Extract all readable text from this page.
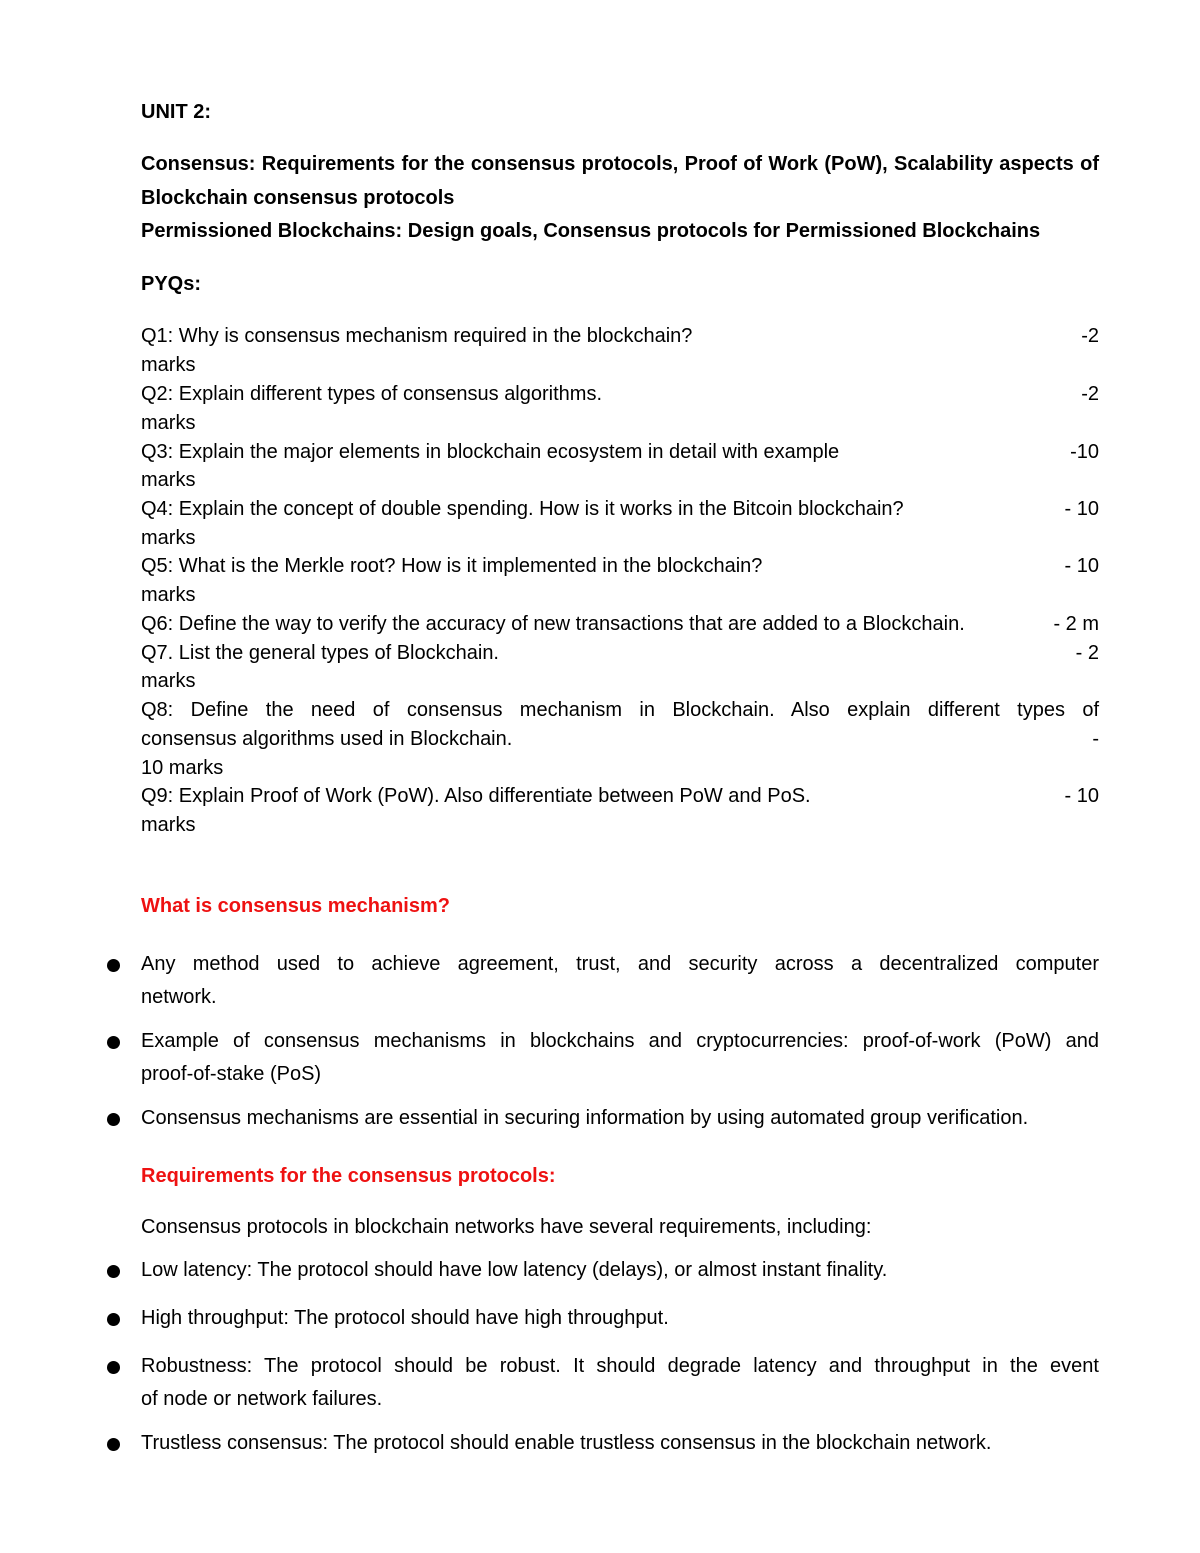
UNIT 2:
Consensus: Requirements for the consensus protocols, Proof of Work (PoW), Scalability aspects of
Blockchain consensus protocols
Permissioned Blockchains: Design goals, Consensus protocols for Permissioned Blockchains
PYQs:
Q1: Why is consensus mechanism required in the blockchain?	-2
marks
Q2: Explain different types of consensus algorithms.	-2
marks
Q3: Explain the major elements in blockchain ecosystem in detail with example	-10
marks
Q4: Explain the concept of double spending. How is it works in the Bitcoin blockchain?	- 10
marks
Q5: What is the Merkle root? How is it implemented in the blockchain?	- 10
marks
Q6: Define the way to verify the accuracy of new transactions that are added to a Blockchain.	- 2 m
Q7. List the general types of Blockchain.	- 2
marks
Q8: Define the need of consensus mechanism in Blockchain. Also explain different types of
consensus algorithms used in Blockchain.	-
10 marks
Q9: Explain Proof of Work (PoW). Also differentiate between PoW and PoS.	- 10
marks
What is consensus mechanism?
Any method used to achieve agreement, trust, and security across a decentralized computer
network.
Example of consensus mechanisms in blockchains and cryptocurrencies: proof-of-work (PoW) and
proof-of-stake (PoS)
Consensus mechanisms are essential in securing information by using automated group verification.
Requirements for the consensus protocols:
Consensus protocols in blockchain networks have several requirements, including:
Low latency: The protocol should have low latency (delays), or almost instant finality.
High throughput: The protocol should have high throughput.
Robustness: The protocol should be robust. It should degrade latency and throughput in the event
of node or network failures.
Trustless consensus: The protocol should enable trustless consensus in the blockchain network.
